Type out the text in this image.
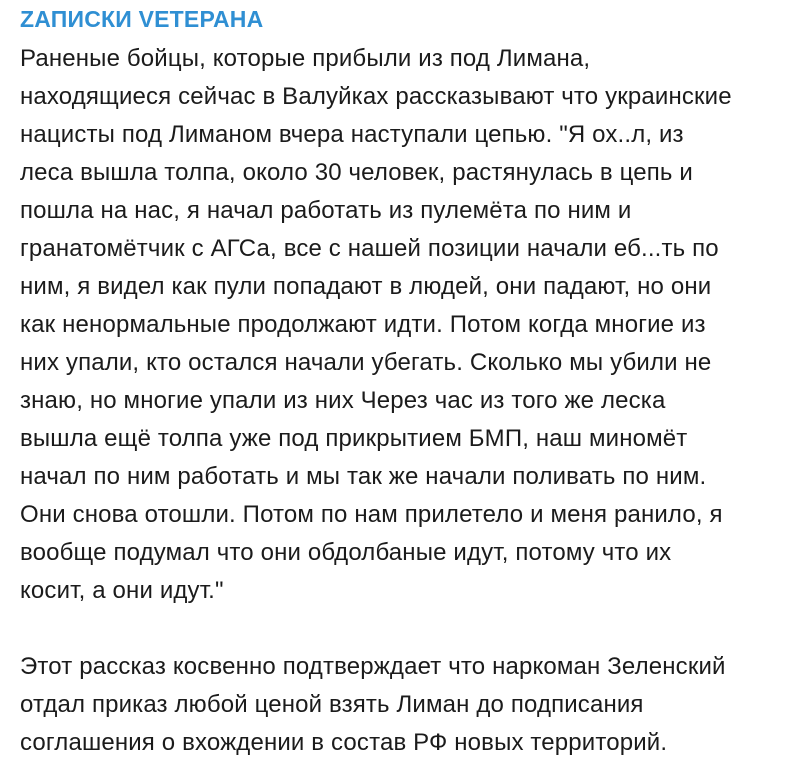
ZАПИСКИ VЕТЕРАНА
Раненые бойцы, которые прибыли из под Лимана,
находящиеся сейчас в Валуйках рассказывают что украинские
нацисты под Лиманом вчера наступали цепью. "Я ох..л, из
леса вышла толпа, около 30 человек, растянулась в цепь и
пошла на нас, я начал работать из пулемёта по ним и
гранатомётчик с АГСа, все с нашей позиции начали еб...ть по
ним, я видел как пули попадают в людей, они падают, но они
как ненормальные продолжают идти. Потом когда многие из
них упали, кто остался начали убегать. Сколько мы убили не
знаю, но многие упали из них Через час из того же леска
вышла ещё толпа уже под прикрытием БМП, наш миномёт
начал по ним работать и мы так же начали поливать по ним.
Они снова отошли. Потом по нам прилетело и меня ранило, я
вообще подумал что они обдолбаные идут, потому что их
косит, а они идут."
Этот рассказ косвенно подтверждает что наркоман Зеленский
отдал приказ любой ценой взять Лиман до подписания
соглашения о вхождении в состав РФ новых территорий.
